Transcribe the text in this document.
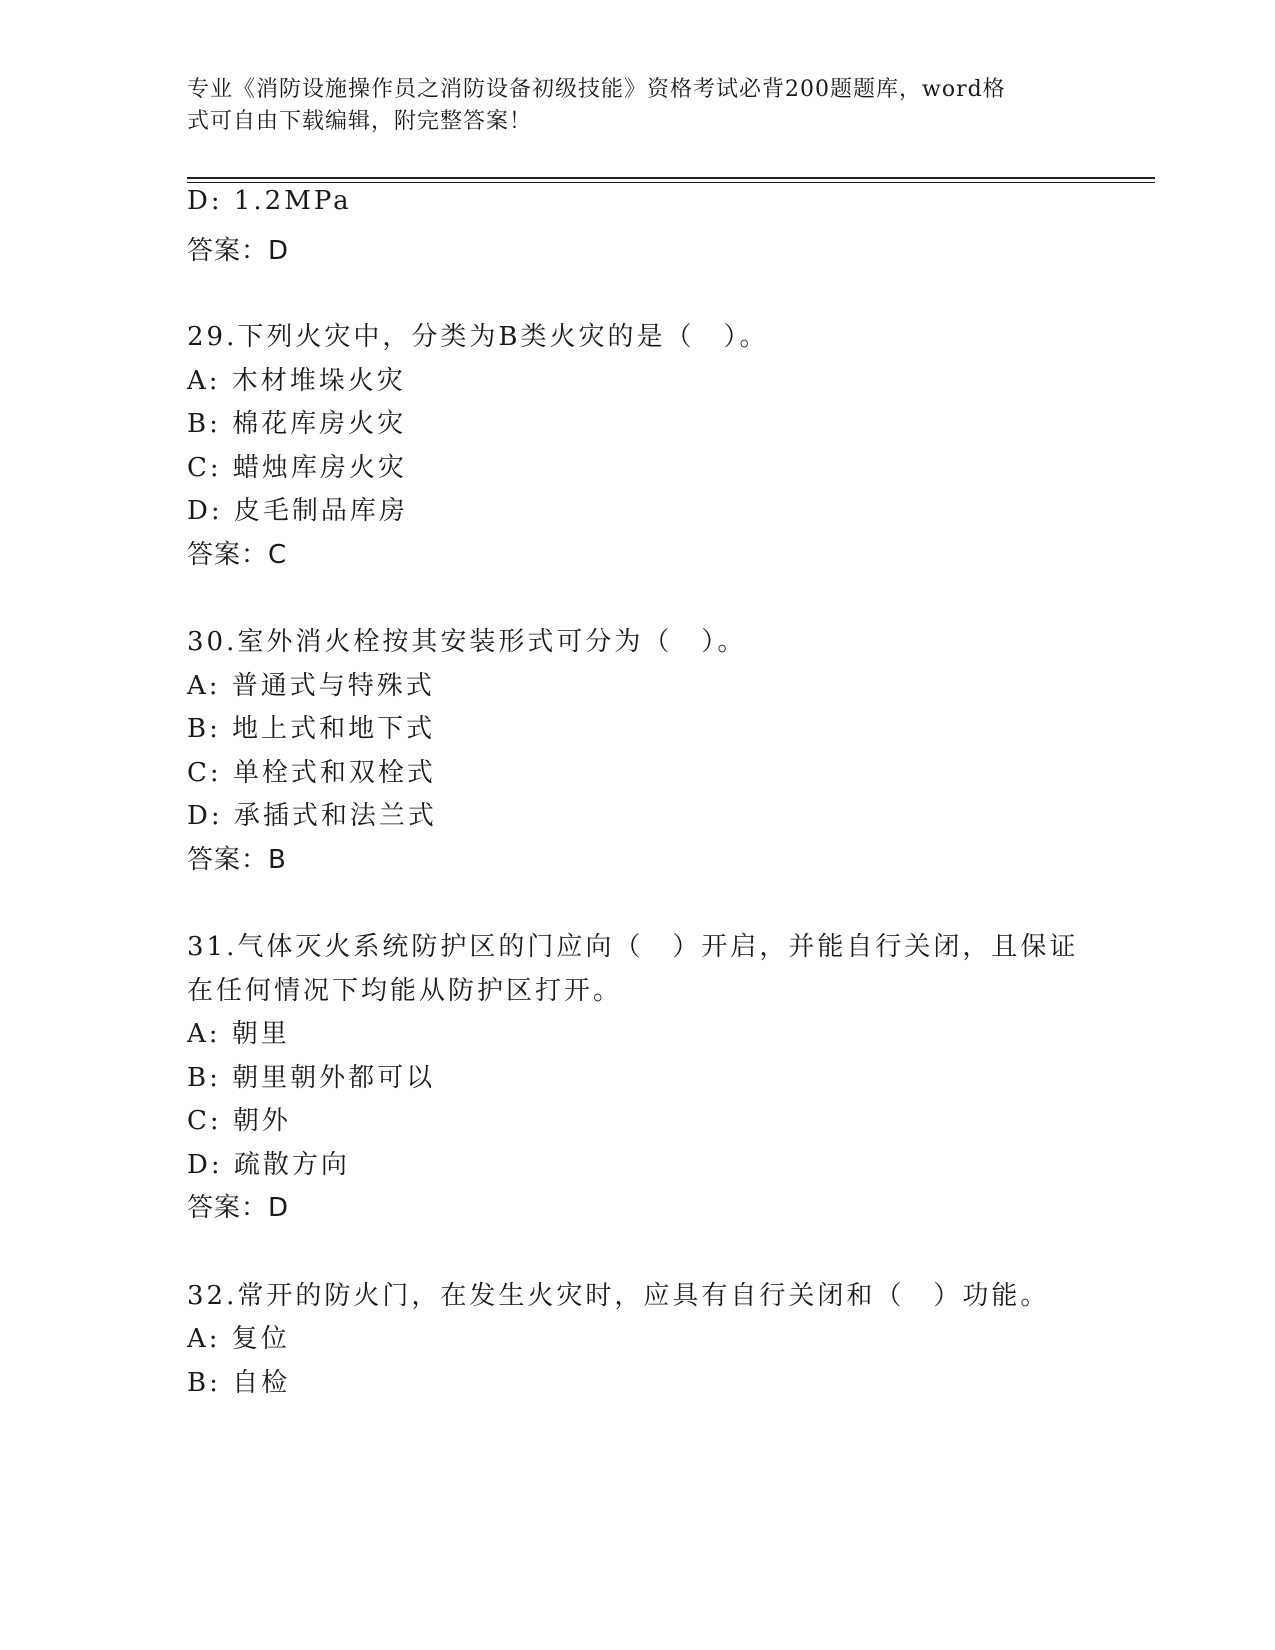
专业《消防设施操作员之消防设备初级技能》资格考试必背200题题库，word格
式可自由下载编辑，附完整答案！
D: 1.2MPa
答案：D
29.下列火灾中，分类为B类火灾的是（　）。
A: 木材堆垛火灾
B: 棉花库房火灾
C: 蜡烛库房火灾
D: 皮毛制品库房
答案：C
30.室外消火栓按其安装形式可分为（　）。
A: 普通式与特殊式
B: 地上式和地下式
C: 单栓式和双栓式
D: 承插式和法兰式
答案：B
31.气体灭火系统防护区的门应向（　）开启，并能自行关闭，且保证
在任何情况下均能从防护区打开。
A: 朝里
B: 朝里朝外都可以
C: 朝外
D: 疏散方向
答案：D
32.常开的防火门，在发生火灾时，应具有自行关闭和（　）功能。
A: 复位
B: 自检
